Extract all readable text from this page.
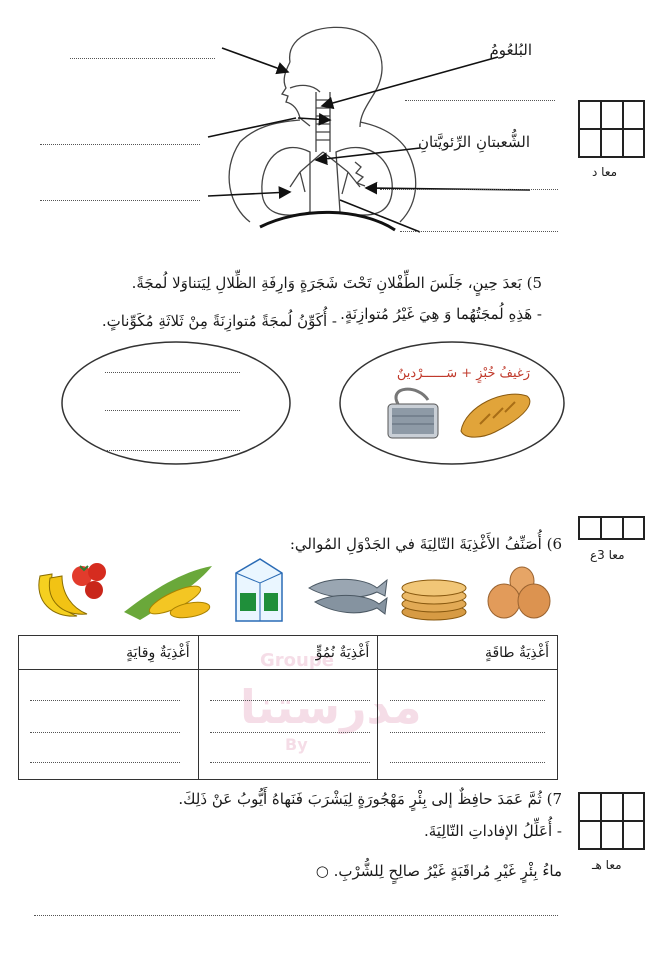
البُلعُومُ
الشُّعبتانِ الرِّئويَّتانِ
معا د
5) بَعدَ حِينٍ، جَلَسَ الطِّفْلانِ تَحْتَ شَجَرَةٍ وَارِفَةِ الظِّلالِ لِيَتناوَلا لُمجَةً.
- هَذِهِ لُمجَتُهُما وَ هِيَ غَيْرُ مُتوازِنَةٍ.
- أُكَوِّنُ لُمجَةً مُتوازِنَةً مِنْ ثَلاثَةِ مُكَوِّناتٍ.
رَغيفُ خُبْزٍ + سَــــــرْدينٌ
6) أُصَنِّفُ الأَغْذِيَةَ التّالِيَةَ في الجَدْوَلِ المُوالي:
معا 3ع
مدرستنا
Groupe
By
أَغْذِيَةٌ وِقايَةٍ	أَغْذِيَةٌ نُمُوٍّ	أَغْذِيَةٌ طاقَةٍ

7) ثُمَّ عَمَدَ حافِظٌ إلى بِئْرٍ مَهْجُورَةٍ لِيَشْرَبَ فَنَهاهُ أَيُّوبُ عَنْ ذَلِكَ.
- أُعَلِّلُ الإفاداتِ التّالِيَةَ.
ماءُ بِئْرٍ غَيْرِ مُراقَبَةٍ غَيْرُ صالِحٍ لِلشُّرْبِ. ○	معا هـ
